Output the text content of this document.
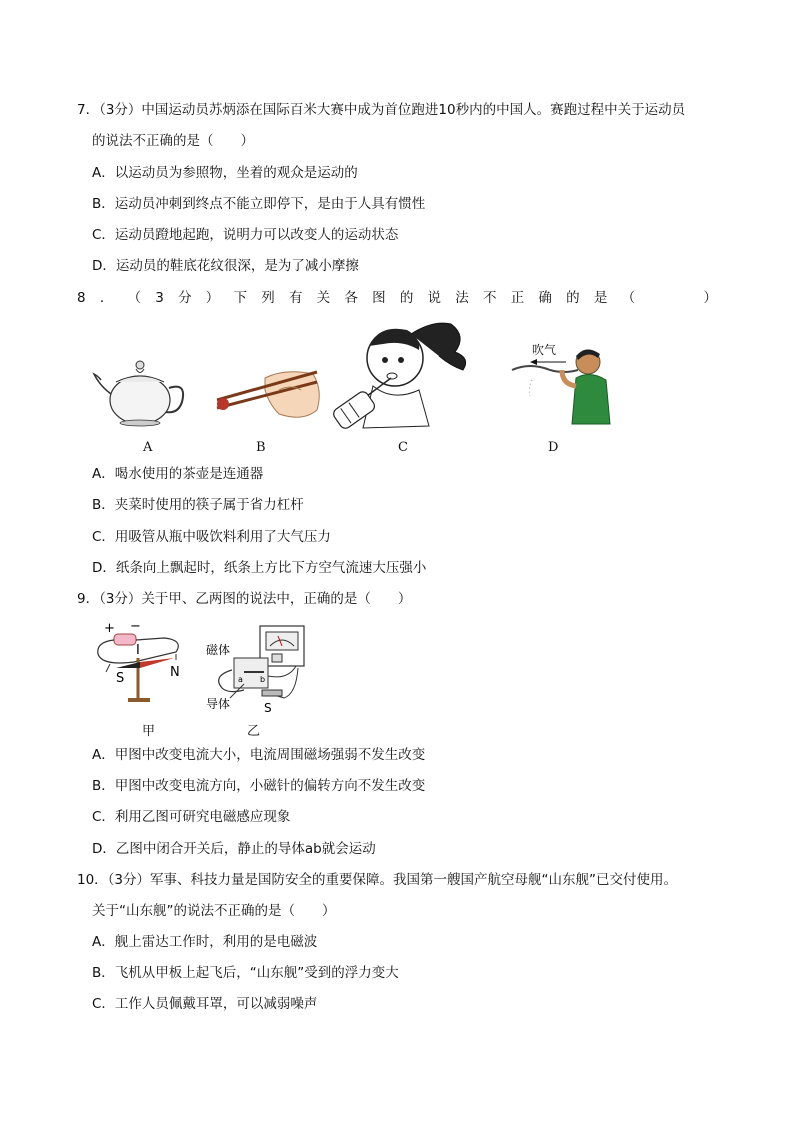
7．（3分）中国运动员苏炳添在国际百米大赛中成为首位跑进10秒内的中国人。赛跑过程中关于运动员
的说法不正确的是（　　）
A．以运动员为参照物，坐着的观众是运动的
B．运动员冲刺到终点不能立即停下，是由于人具有惯性
C．运动员蹬地起跑，说明力可以改变人的运动状态
D．运动员的鞋底花纹很深，是为了减小摩擦
8 ． （ 3 分 ） 下 列 有 关 各 图 的 说 法 不 正 确 的 是 （	）
吹气
A	B	C	D
A．喝水使用的茶壶是连通器
B．夹菜时使用的筷子属于省力杠杆
C．用吸管从瓶中吸饮料利用了大气压力
D．纸条向上飘起时，纸条上方比下方空气流速大压强小
9．（3分）关于甲、乙两图的说法中，正确的是（　　）
+ −
I
S	N
甲
磁体
a b
导体	S
乙
A．甲图中改变电流大小，电流周围磁场强弱不发生改变
B．甲图中改变电流方向，小磁针的偏转方向不发生改变
C．利用乙图可研究电磁感应现象
D．乙图中闭合开关后，静止的导体ab就会运动
10．（3分）军事、科技力量是国防安全的重要保障。我国第一艘国产航空母舰“山东舰”已交付使用。
关于“山东舰”的说法不正确的是（　　）
A．舰上雷达工作时，利用的是电磁波
B．飞机从甲板上起飞后，“山东舰”受到的浮力变大
C．工作人员佩戴耳罩，可以减弱噪声
